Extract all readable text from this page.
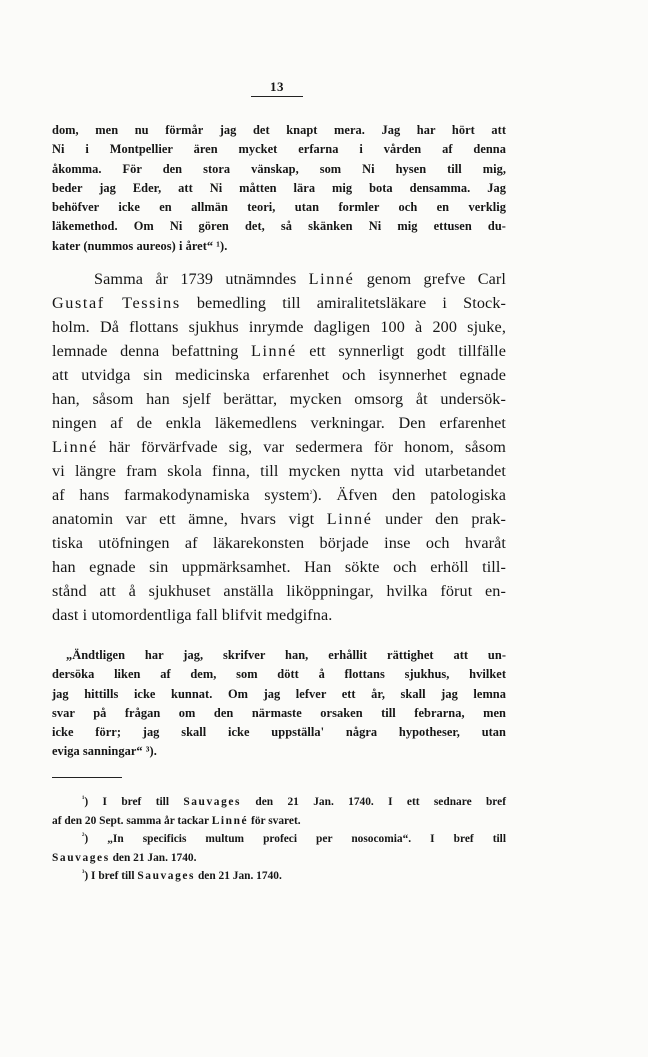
13
dom, men nu förmår jag det knapt mera. Jag har hört att
Ni i Montpellier ären mycket erfarna i vården af denna
åkomma. För den stora vänskap, som Ni hysen till mig,
beder jag Eder, att Ni måtten lära mig bota densamma. Jag
behöfver icke en allmän teori, utan formler och en verklig
läkemethod. Om Ni gören det, så skänken Ni mig ettusen du-
kater (nummos aureos) i året“ ¹).
Samma år 1739 utnämndes Linné genom grefve Carl
Gustaf Tessins bemedling till amiralitetsläkare i Stock-
holm. Då flottans sjukhus inrymde dagligen 100 à 200 sjuke,
lemnade denna befattning Linné ett synnerligt godt tillfälle
att utvidga sin medicinska erfarenhet och isynnerhet egnade
han, såsom han sjelf berättar, mycken omsorg åt undersök-
ningen af de enkla läkemedlens verkningar. Den erfarenhet
Linné här förvärfvade sig, var sedermera för honom, såsom
vi längre fram skola finna, till mycken nytta vid utarbetandet
af hans farmakodynamiska system$^{^2}$). Äfven den patologiska
anatomin var ett ämne, hvars vigt Linné under den prak-
tiska utöfningen af läkarekonsten började inse och hvaråt
han egnade sin uppmärksamhet. Han sökte och erhöll till-
stånd att å sjukhuset anställa liköppningar, hvilka förut en-
dast i utomordentliga fall blifvit medgifna.
„Ändtligen har jag, skrifver han, erhållit rättighet att un-
dersöka liken af dem, som dött å flottans sjukhus, hvilket
jag hittills icke kunnat. Om jag lefver ett år, skall jag lemna
svar på frågan om den närmaste orsaken till febrarna, men
icke förr; jag skall icke uppställa' några hypotheser, utan
eviga sanningar“ ³).
$^{^1}$) I bref till Sauvages den 21 Jan. 1740. I ett sednare bref
af den 20 Sept. samma år tackar Linné för svaret.
$^{^2}$) „In specificis multum profeci per nosocomia“. I bref till
Sauvages den 21 Jan. 1740.
$^{^3}$) I bref till Sauvages den 21 Jan. 1740.
